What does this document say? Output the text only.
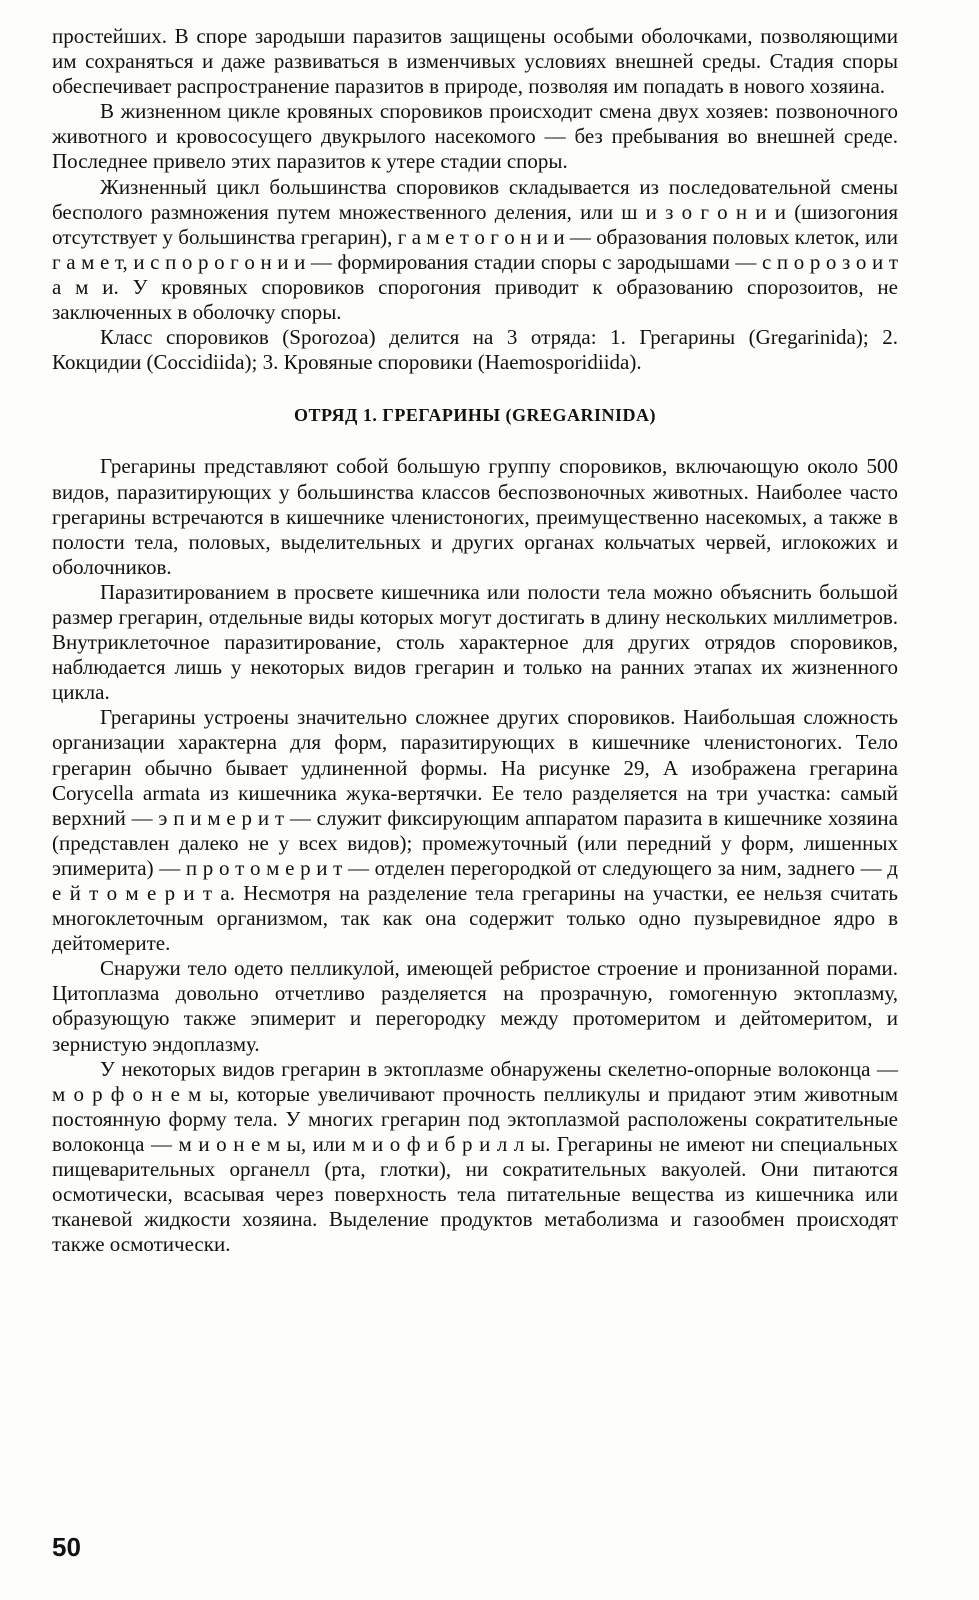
простейших. В споре зародыши паразитов защищены особыми оболочками, позволяющими им сохраняться и даже развиваться в изменчивых условиях внешней среды. Стадия споры обеспечивает распространение паразитов в природе, позволяя им попадать в нового хозяина.

В жизненном цикле кровяных споровиков происходит смена двух хозяев: позвоночного животного и кровососущего двукрылого насекомого — без пребывания во внешней среде. Последнее привело этих паразитов к утере стадии споры.

Жизненный цикл большинства споровиков складывается из последовательной смены бесполого размножения путем множественного деления, или ш и з о г о н и и (шизогония отсутствует у большинства грегарин), г а м е т о г о н и и — образования половых клеток, или г а м е т, и с п о р о г о н и и — формирования стадии споры с зародышами — с п о р о з о и т а м и. У кровяных споровиков спорогония приводит к образованию спорозоитов, не заключенных в оболочку споры.

Класс споровиков (Sporozoa) делится на 3 отряда: 1. Грегарины (Gregarinida); 2. Кокцидии (Coccidiida); 3. Кровяные споровики (Haemosporidiida).

ОТРЯД 1. ГРЕГАРИНЫ (GREGARINIDA)

Грегарины представляют собой большую группу споровиков, включающую около 500 видов, паразитирующих у большинства классов беспозвоночных животных. Наиболее часто грегарины встречаются в кишечнике членистоногих, преимущественно насекомых, а также в полости тела, половых, выделительных и других органах кольчатых червей, иглокожих и оболочников.

Паразитированием в просвете кишечника или полости тела можно объяснить большой размер грегарин, отдельные виды которых могут достигать в длину нескольких миллиметров. Внутриклеточное паразитирование, столь характерное для других отрядов споровиков, наблюдается лишь у некоторых видов грегарин и только на ранних этапах их жизненного цикла.

Грегарины устроены значительно сложнее других споровиков. Наибольшая сложность организации характерна для форм, паразитирующих в кишечнике членистоногих. Тело грегарин обычно бывает удлиненной формы. На рисунке 29, А изображена грегарина Corycella armata из кишечника жука-вертячки. Ее тело разделяется на три участка: самый верхний — э п и м е р и т — служит фиксирующим аппаратом паразита в кишечнике хозяина (представлен далеко не у всех видов); промежуточный (или передний у форм, лишенных эпимерита) — п р о т о м е р и т — отделен перегородкой от следующего за ним, заднего — д е й т о м е р и т а. Несмотря на разделение тела грегарины на участки, ее нельзя считать многоклеточным организмом, так как она содержит только одно пузыревидное ядро в дейтомерите.

Снаружи тело одето пелликулой, имеющей ребристое строение и пронизанной порами. Цитоплазма довольно отчетливо разделяется на прозрачную, гомогенную эктоплазму, образующую также эпимерит и перегородку между протомеритом и дейтомеритом, и зернистую эндоплазму.

У некоторых видов грегарин в эктоплазме обнаружены скелетно-опорные волоконца — м о р ф о н е м ы, которые увеличивают прочность пелликулы и придают этим животным постоянную форму тела. У многих грегарин под эктоплазмой расположены сократительные волоконца — м и о н е м ы, или м и о ф и б р и л л ы. Грегарины не имеют ни специальных пищеварительных органелл (рта, глотки), ни сократительных вакуолей. Они питаются осмотически, всасывая через поверхность тела питательные вещества из кишечника или тканевой жидкости хозяина. Выделение продуктов метаболизма и газообмен происходят также осмотически.

50
